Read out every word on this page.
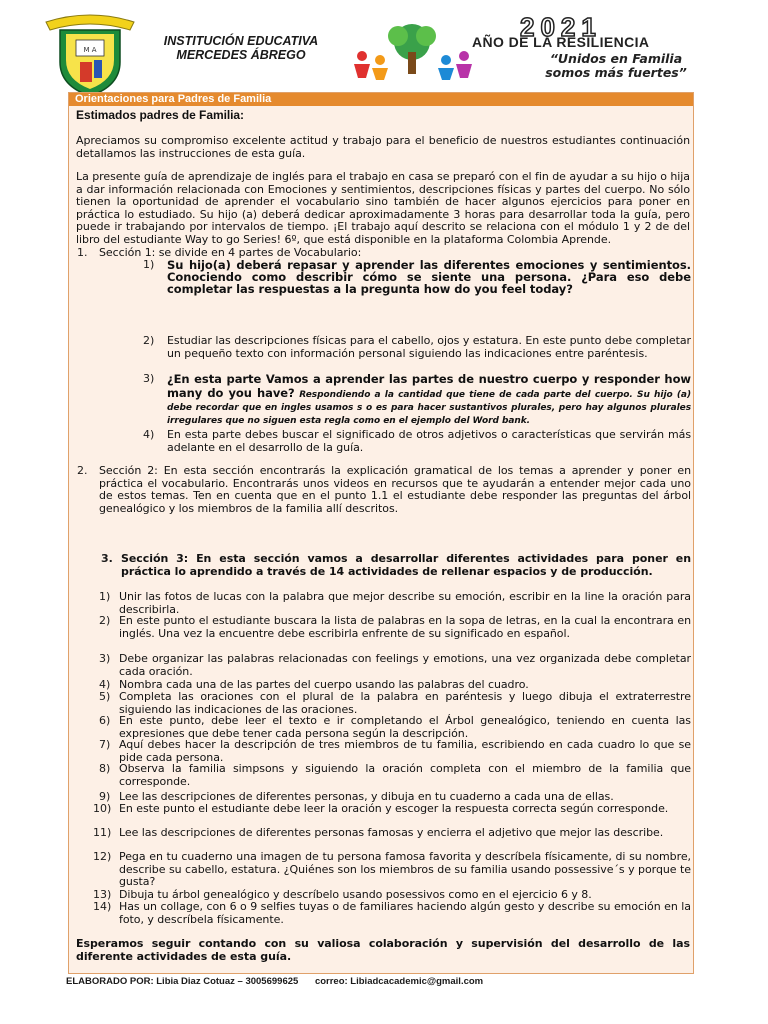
M A
INSTITUCIÓN EDUCATIVA
MERCEDES ÁBREGO
2021
AÑO DE LA RESILIENCIA
“Unidos en Familia
somos más fuertes”
Orientaciones para Padres de Familia
Estimados padres de Familia:
Apreciamos su compromiso excelente actitud y trabajo para el beneficio de nuestros estudiantes continuación detallamos las instrucciones de esta guía.
La presente guía de aprendizaje de inglés para el trabajo en casa se preparó con el fin de ayudar a su hijo o hija a dar información relacionada con Emociones y sentimientos, descripciones físicas y partes del cuerpo. No sólo tienen la oportunidad de aprender el vocabulario sino también de hacer algunos ejercicios para poner en práctica lo estudiado. Su hijo (a) deberá dedicar aproximadamente 3 horas para desarrollar toda la guía, pero puede ir trabajando por intervalos de tiempo. ¡El trabajo aquí descrito se relaciona con el módulo 1 y 2 de del libro del estudiante Way to go Series! 6º, que está disponible en la plataforma Colombia Aprende.
1. Sección 1: se divide en 4 partes de Vocabulario:
1) Su hijo(a) deberá repasar y aprender las diferentes emociones y sentimientos. Conociendo como describir cómo se siente una persona. ¿Para eso debe completar las respuestas a la pregunta how do you feel today?
2) Estudiar las descripciones físicas para el cabello, ojos y estatura. En este punto debe completar un pequeño texto con información personal siguiendo las indicaciones entre paréntesis.
3) ¿En esta parte Vamos a aprender las partes de nuestro cuerpo y responder how many do you have? Respondiendo a la cantidad que tiene de cada parte del cuerpo. Su hijo (a) debe recordar que en ingles usamos s o es para hacer sustantivos plurales, pero hay algunos plurales irregulares que no siguen esta regla como en el ejemplo del Word bank.
4) En esta parte debes buscar el significado de otros adjetivos o características que servirán más adelante en el desarrollo de la guía.
2. Sección 2: En esta sección encontrarás la explicación gramatical de los temas a aprender y poner en práctica el vocabulario. Encontrarás unos videos en recursos que te ayudarán a entender mejor cada uno de estos temas. Ten en cuenta que en el punto 1.1 el estudiante debe responder las preguntas del árbol genealógico y los miembros de la familia allí descritos.
3. Sección 3: En esta sección vamos a desarrollar diferentes actividades para poner en práctica lo aprendido a través de 14 actividades de rellenar espacios y de producción.
1) Unir las fotos de lucas con la palabra que mejor describe su emoción, escribir en la line la oración para describirla.
2) En este punto el estudiante buscara la lista de palabras en la sopa de letras, en la cual la encontrara en inglés. Una vez la encuentre debe escribirla enfrente de su significado en español.
3) Debe organizar las palabras relacionadas con feelings y emotions, una vez organizada debe completar cada oración.
4) Nombra cada una de las partes del cuerpo usando las palabras del cuadro.
5) Completa las oraciones con el plural de la palabra en paréntesis y luego dibuja el extraterrestre siguiendo las indicaciones de las oraciones.
6) En este punto, debe leer el texto e ir completando el Árbol genealógico, teniendo en cuenta las expresiones que debe tener cada persona según la descripción.
7) Aquí debes hacer la descripción de tres miembros de tu familia, escribiendo en cada cuadro lo que se pide cada persona.
8) Observa la familia simpsons y siguiendo la oración completa con el miembro de la familia que corresponde.
9) Lee las descripciones de diferentes personas, y dibuja en tu cuaderno a cada una de ellas.
10) En este punto el estudiante debe leer la oración y escoger la respuesta correcta según corresponde.
11) Lee las descripciones de diferentes personas famosas y encierra el adjetivo que mejor las describe.
12) Pega en tu cuaderno una imagen de tu persona famosa favorita y descríbela físicamente, di su nombre, describe su cabello, estatura. ¿Quiénes son los miembros de su familia usando possessive´s y porque te gusta?
13) Dibuja tu árbol genealógico y descríbelo usando posessivos como en el ejercicio 6 y 8.
14) Has un collage, con 6 o 9 selfies tuyas o de familiares haciendo algún gesto y describe su emoción en la foto, y descríbela físicamente.
Esperamos seguir contando con su valiosa colaboración y supervisión del desarrollo de las diferente actividades de esta guía.
ELABORADO POR: Libia Diaz Cotuaz – 3005699625 correo: Libiadcacademic@gmail.com
